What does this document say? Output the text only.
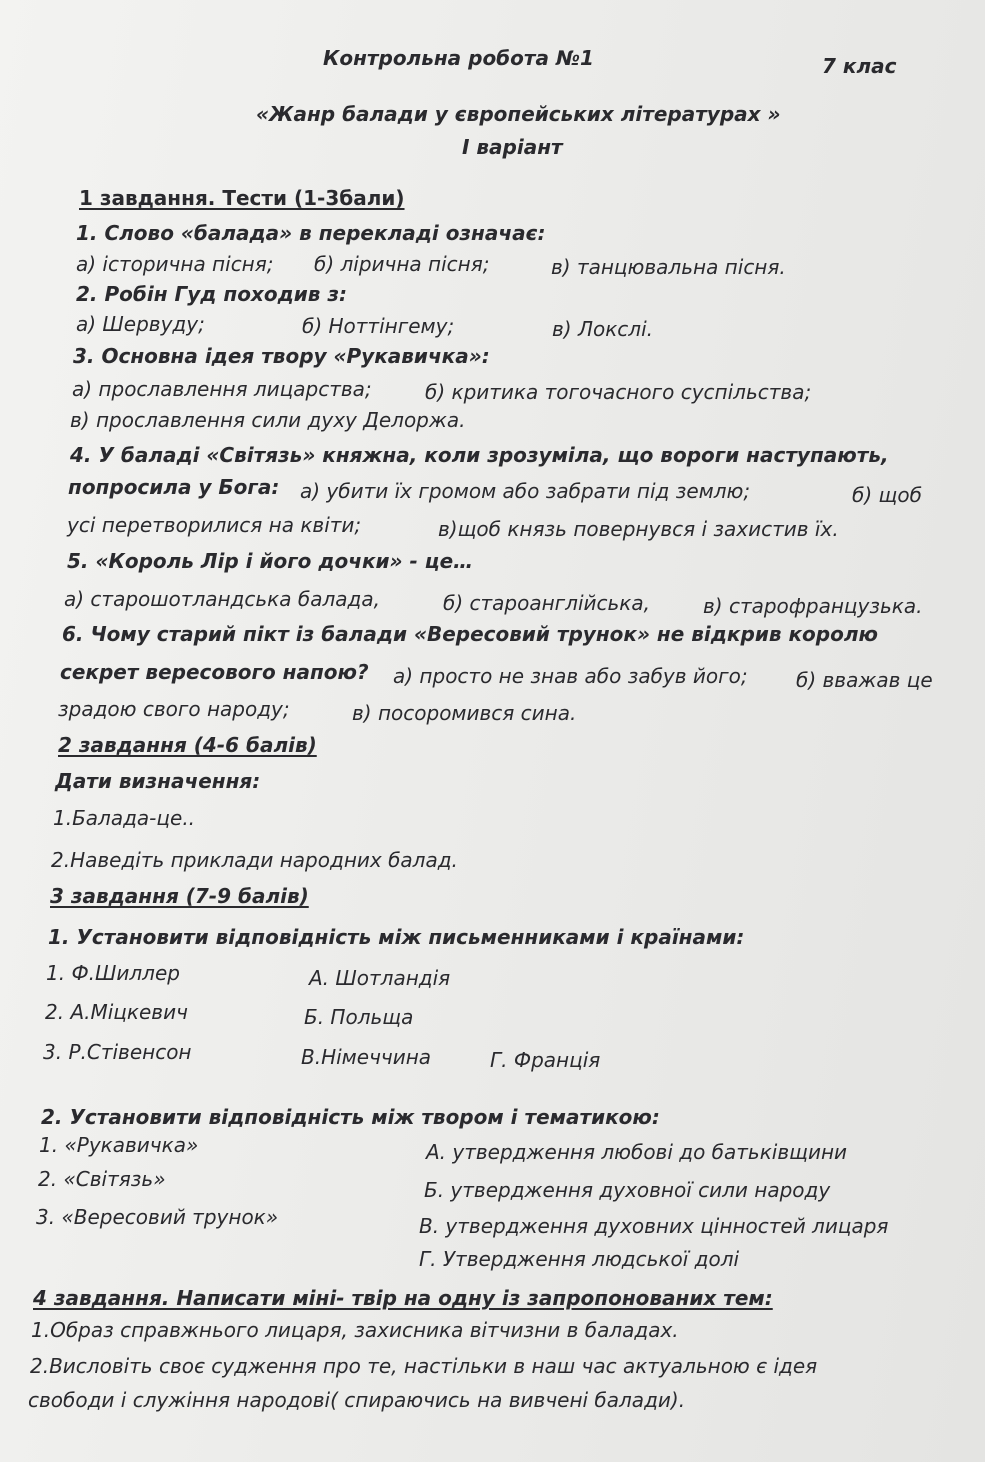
Контрольна робота №1	7 клас
«Жанр балади у європейських літературах »
І варіант
1 завдання. Тести (1-3бали)
1. Слово «балада» в перекладі означає:
а) історична пісня; б) лірична пісня;	в) танцювальна пісня.
2. Робін Гуд походив з:
а) Шервуду;	б) Ноттінгему;	в) Локслі.
3. Основна ідея твору «Рукавичка»:
а) прославлення лицарства;	б) критика тогочасного суспільства;
в) прославлення сили духу Делоржа.
4. У баладі «Світязь» княжна, коли зрозуміла, що вороги наступають,
попросила у Бога: а) убити їх громом або забрати під землю;	б) щоб
усі перетворилися на квіти;	в)щоб князь повернувся і захистив їх.
5. «Король Лір і його дочки» - це…
а) старошотландська балада,	б) староанглійська,	в) старофранцузька.
6. Чому старий пікт із балади «Вересовий трунок» не відкрив королю
секрет вересового напою? а) просто не знав або забув його; б) вважав це
зрадою свого народу;	в) посоромився сина.
2 завдання (4-6 балів)
Дати визначення:
1.Балада-це..
2.Наведіть приклади народних балад.
3 завдання (7-9 балів)
1. Установити відповідність між письменниками і країнами:
1. Ф.Шиллер	А. Шотландія
2. А.Міцкевич	Б. Польща
3. Р.Стівенсон	В.Німеччина	Г. Франція
2. Установити відповідність між твором і тематикою:
1. «Рукавичка»	А. утвердження любові до батьківщини
2. «Світязь»	Б. утвердження духовної сили народу
3. «Вересовий трунок»	В. утвердження духовних цінностей лицаря
Г. Утвердження людської долі
4 завдання. Написати міні- твір на одну із запропонованих тем:
1.Образ справжнього лицаря, захисника вітчизни в баладах.
2.Висловіть своє судження про те, настільки в наш час актуальною є ідея
свободи і служіння народові( спираючись на вивчені балади).
